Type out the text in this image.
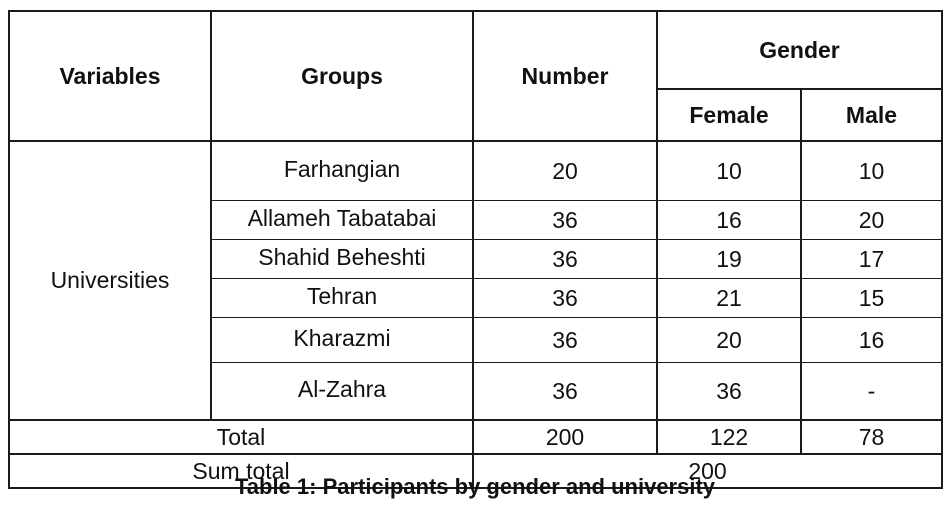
Variables	Groups	Number	Gender	
			Female	Male
Universities	Farhangian	20	10	10
	Allameh Tabatabai	36	16	20
	Shahid Beheshti	36	19	17
	Tehran	36	21	15
	Kharazmi	36	20	16
	Al-Zahra	36	36	-
Total		200	122	78
Sum total		200		
Table 1: Participants by gender and university
